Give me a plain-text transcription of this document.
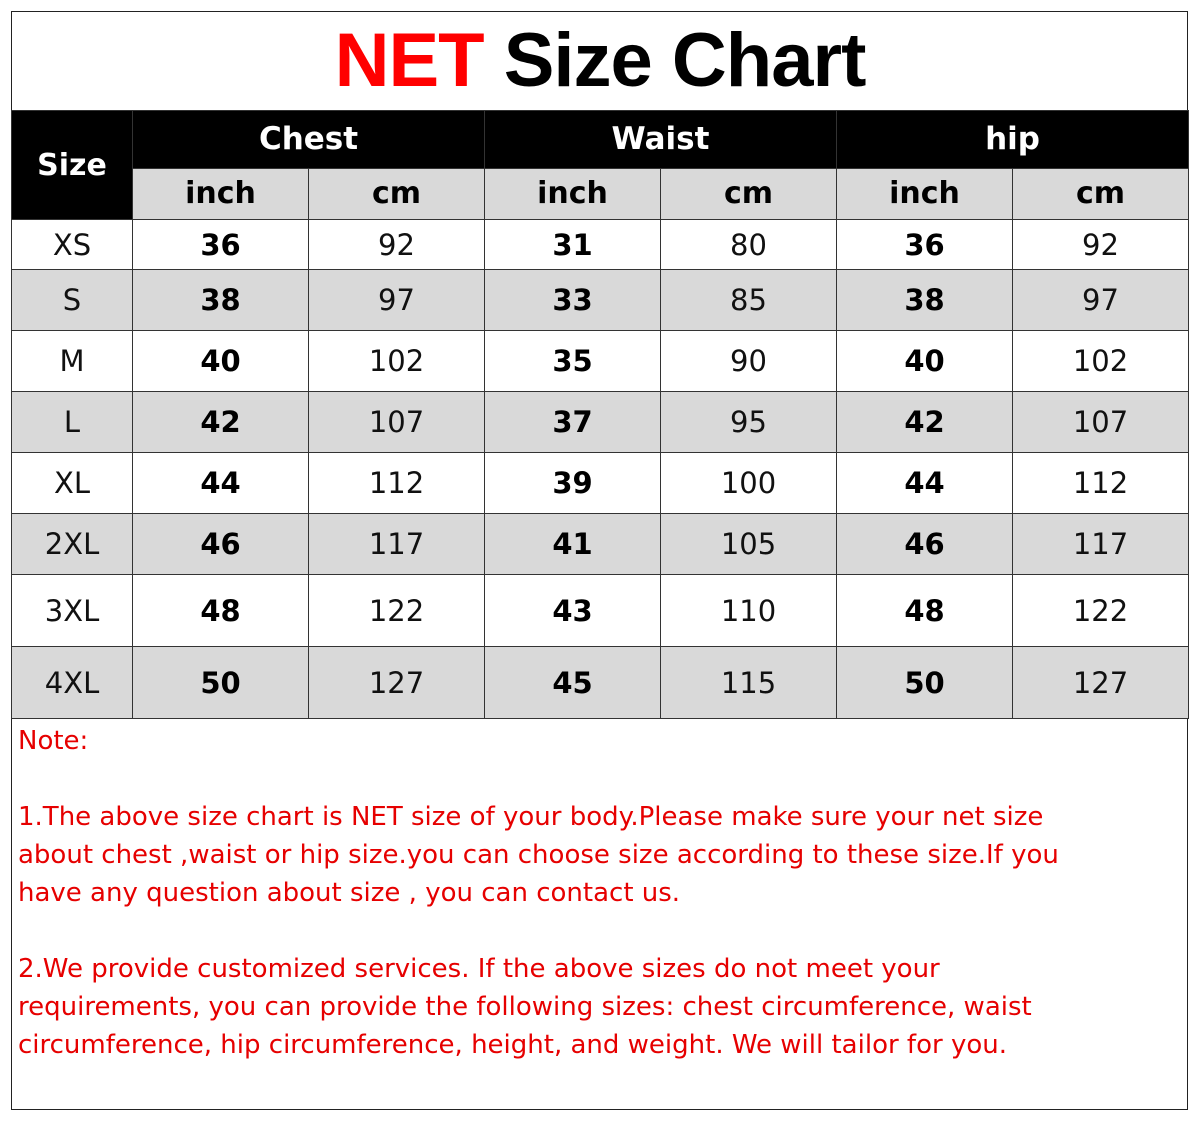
NET Size Chart
Size	Chest		Waist		hip	
	inch	cm	inch	cm	inch	cm
XS	36	92	31	80	36	92
S	38	97	33	85	38	97
M	40	102	35	90	40	102
L	42	107	37	95	42	107
XL	44	112	39	100	44	112
2XL	46	117	41	105	46	117
3XL	48	122	43	110	48	122
4XL	50	127	45	115	50	127

Note:

1.The above size chart is NET size of your body.Please make sure your net size

about chest ,waist or hip size.you can choose size according to these size.If you

have any question about size , you can contact us.

2.We provide customized services. If the above sizes do not meet your

requirements, you can provide the following sizes: chest circumference, waist

circumference, hip circumference, height, and weight. We will tailor for you.
